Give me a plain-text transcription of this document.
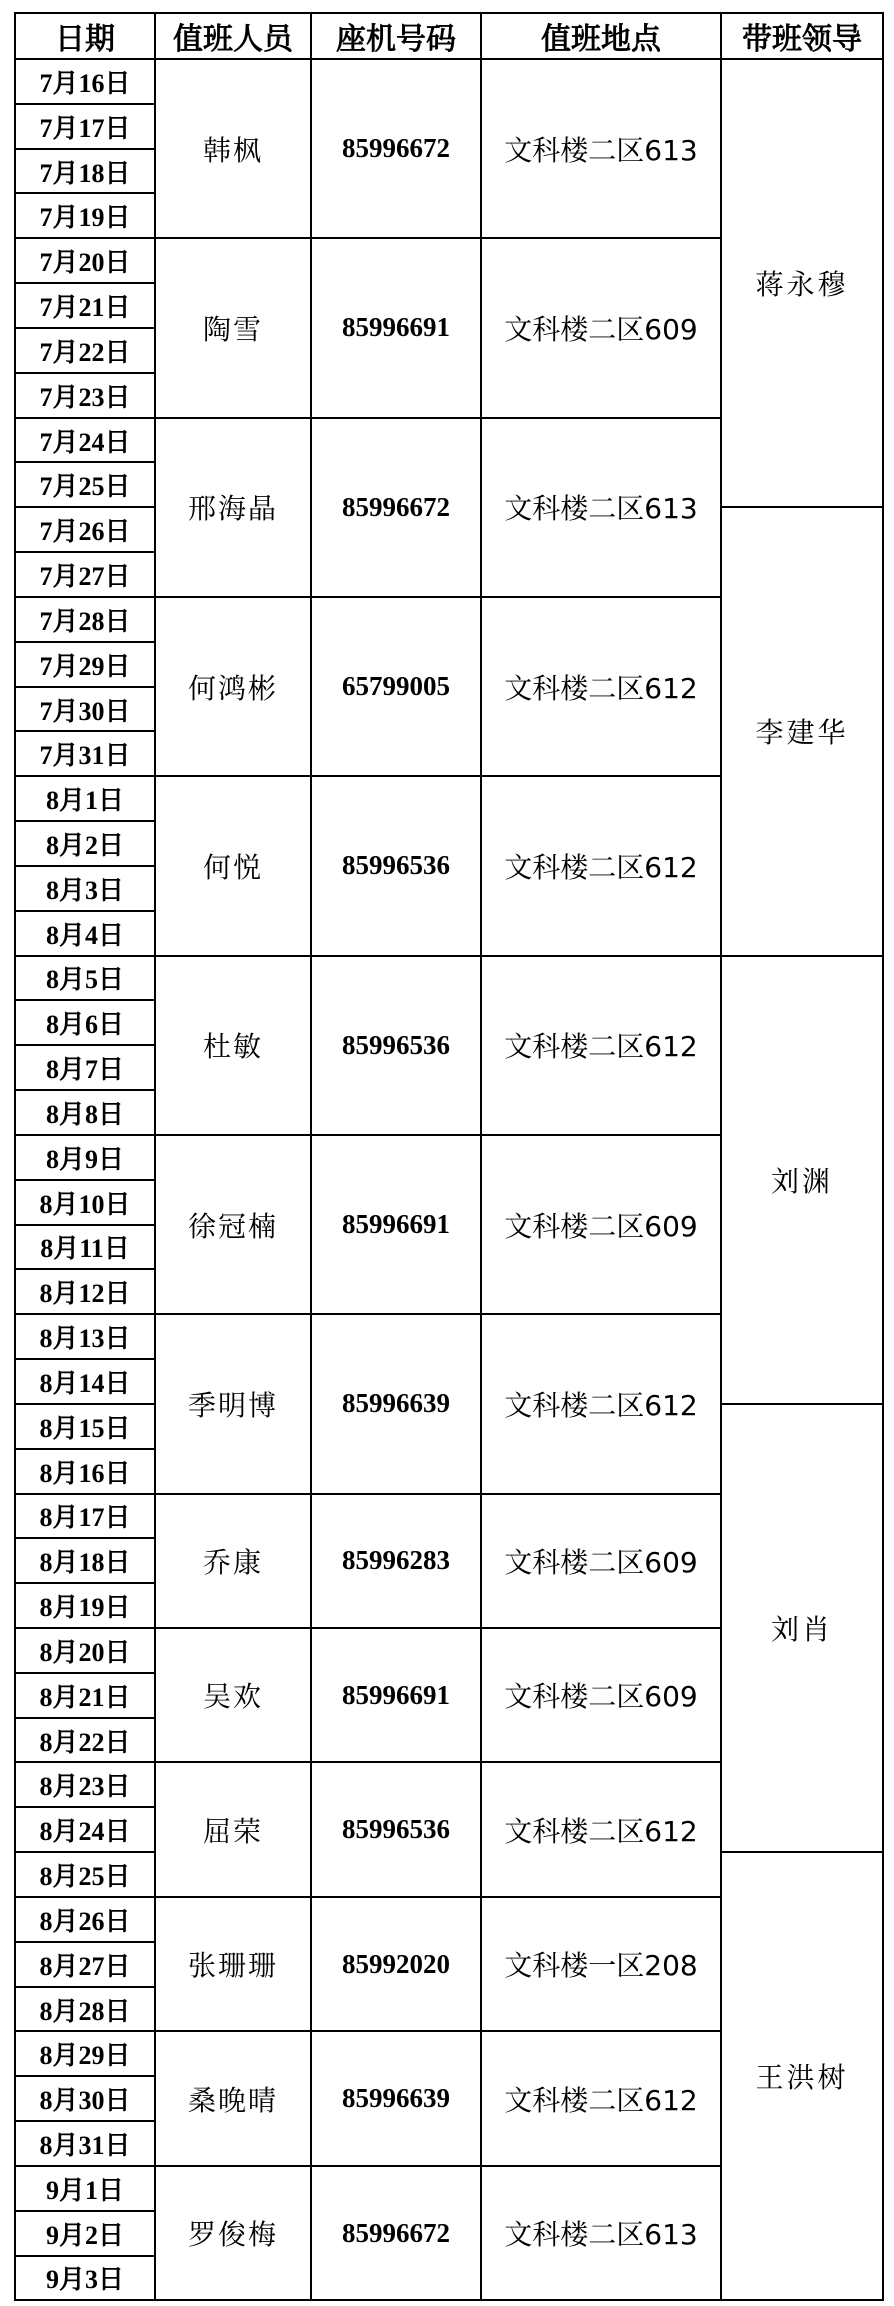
日期	值班人员	座机号码	值班地点	带班领导
7月16日	韩枫	85996672	文科楼二区613	蒋永穆
7月17日				
7月18日				
7月19日				
7月20日	陶雪	85996691	文科楼二区609	
7月21日				
7月22日				
7月23日				
7月24日	邢海晶	85996672	文科楼二区613	
7月25日				
7月26日				李建华
7月27日				
7月28日	何鸿彬	65799005	文科楼二区612	
7月29日				
7月30日				
7月31日				
8月1日	何悦	85996536	文科楼二区612	
8月2日				
8月3日				
8月4日				
8月5日	杜敏	85996536	文科楼二区612	刘渊
8月6日				
8月7日				
8月8日				
8月9日	徐冠楠	85996691	文科楼二区609	
8月10日				
8月11日				
8月12日				
8月13日	季明博	85996639	文科楼二区612	
8月14日				
8月15日				刘肖
8月16日				
8月17日	乔康	85996283	文科楼二区609	
8月18日				
8月19日				
8月20日	吴欢	85996691	文科楼二区609	
8月21日				
8月22日				
8月23日	屈荣	85996536	文科楼二区612	
8月24日				
8月25日				王洪树
8月26日	张珊珊	85992020	文科楼一区208	
8月27日				
8月28日				
8月29日	桑晚晴	85996639	文科楼二区612	
8月30日				
8月31日				
9月1日	罗俊梅	85996672	文科楼二区613	
9月2日				
9月3日				
